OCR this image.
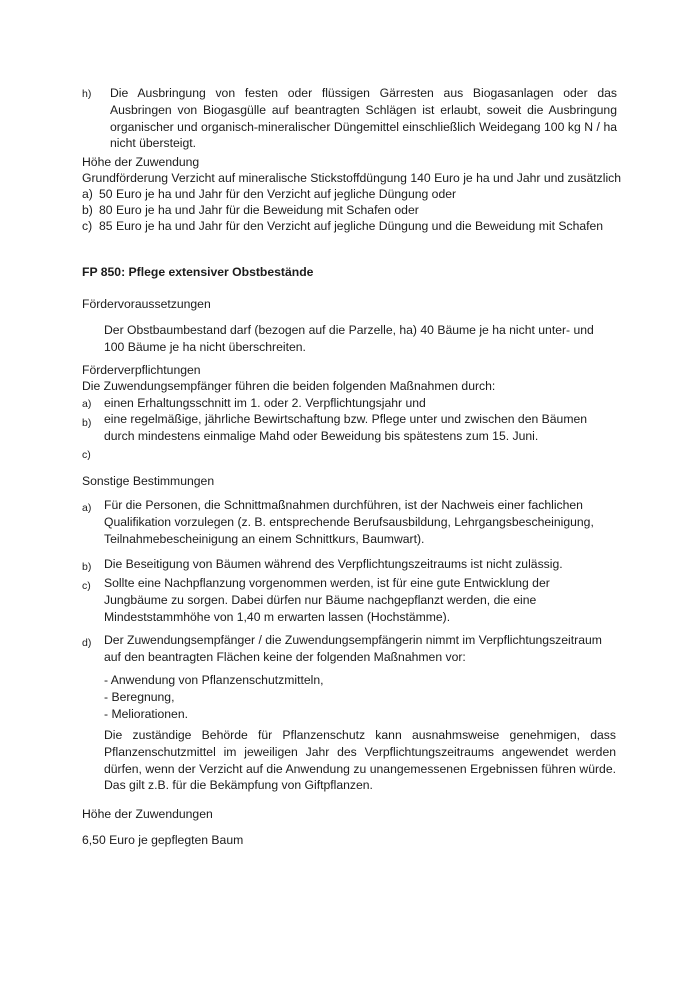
h) Die Ausbringung von festen oder flüssigen Gärresten aus Biogasanlagen oder das Ausbringen von Biogasgülle auf beantragten Schlägen ist erlaubt, soweit die Ausbringung organischer und organisch-mineralischer Düngemittel einschließlich Weidegang 100 kg N / ha nicht übersteigt.

Höhe der Zuwendung

Grundförderung Verzicht auf mineralische Stickstoffdüngung 140 Euro je ha und Jahr und zusätzlich

a) 50 Euro je ha und Jahr für den Verzicht auf jegliche Düngung oder
b) 80 Euro je ha und Jahr für die Beweidung mit Schafen oder
c) 85 Euro je ha und Jahr für den Verzicht auf jegliche Düngung und die Beweidung mit Schafen

FP 850: Pflege extensiver Obstbestände

Fördervoraussetzungen

Der Obstbaumbestand darf (bezogen auf die Parzelle, ha) 40 Bäume je ha nicht unter- und 100 Bäume je ha nicht überschreiten.

Förderverpflichtungen

Die Zuwendungsempfänger führen die beiden folgenden Maßnahmen durch:

a) einen Erhaltungsschnitt im 1. oder 2. Verpflichtungsjahr und
b) eine regelmäßige, jährliche Bewirtschaftung bzw. Pflege unter und zwischen den Bäumen durch mindestens einmalige Mahd oder Beweidung bis spätestens zum 15. Juni.

c)

Sonstige Bestimmungen

a) Für die Personen, die Schnittmaßnahmen durchführen, ist der Nachweis einer fachlichen Qualifikation vorzulegen (z. B. entsprechende Berufsausbildung, Lehrgangsbescheinigung, Teilnahmebescheinigung an einem Schnittkurs, Baumwart).

b) Die Beseitigung von Bäumen während des Verpflichtungszeitraums ist nicht zulässig.

c) Sollte eine Nachpflanzung vorgenommen werden, ist für eine gute Entwicklung der Jungbäume zu sorgen. Dabei dürfen nur Bäume nachgepflanzt werden, die eine Mindeststammhöhe von 1,40 m erwarten lassen (Hochstämme).

d) Der Zuwendungsempfänger / die Zuwendungsempfängerin nimmt im Verpflichtungszeitraum auf den beantragten Flächen keine der folgenden Maßnahmen vor:

- Anwendung von Pflanzenschutzmitteln,

- Beregnung,

- Meliorationen.

Die zuständige Behörde für Pflanzenschutz kann ausnahmsweise genehmigen, dass Pflanzenschutzmittel im jeweiligen Jahr des Verpflichtungszeitraums angewendet werden dürfen, wenn der Verzicht auf die Anwendung zu unangemessenen Ergebnissen führen würde. Das gilt z.B. für die Bekämpfung von Giftpflanzen.

Höhe der Zuwendungen

6,50 Euro je gepflegten Baum
